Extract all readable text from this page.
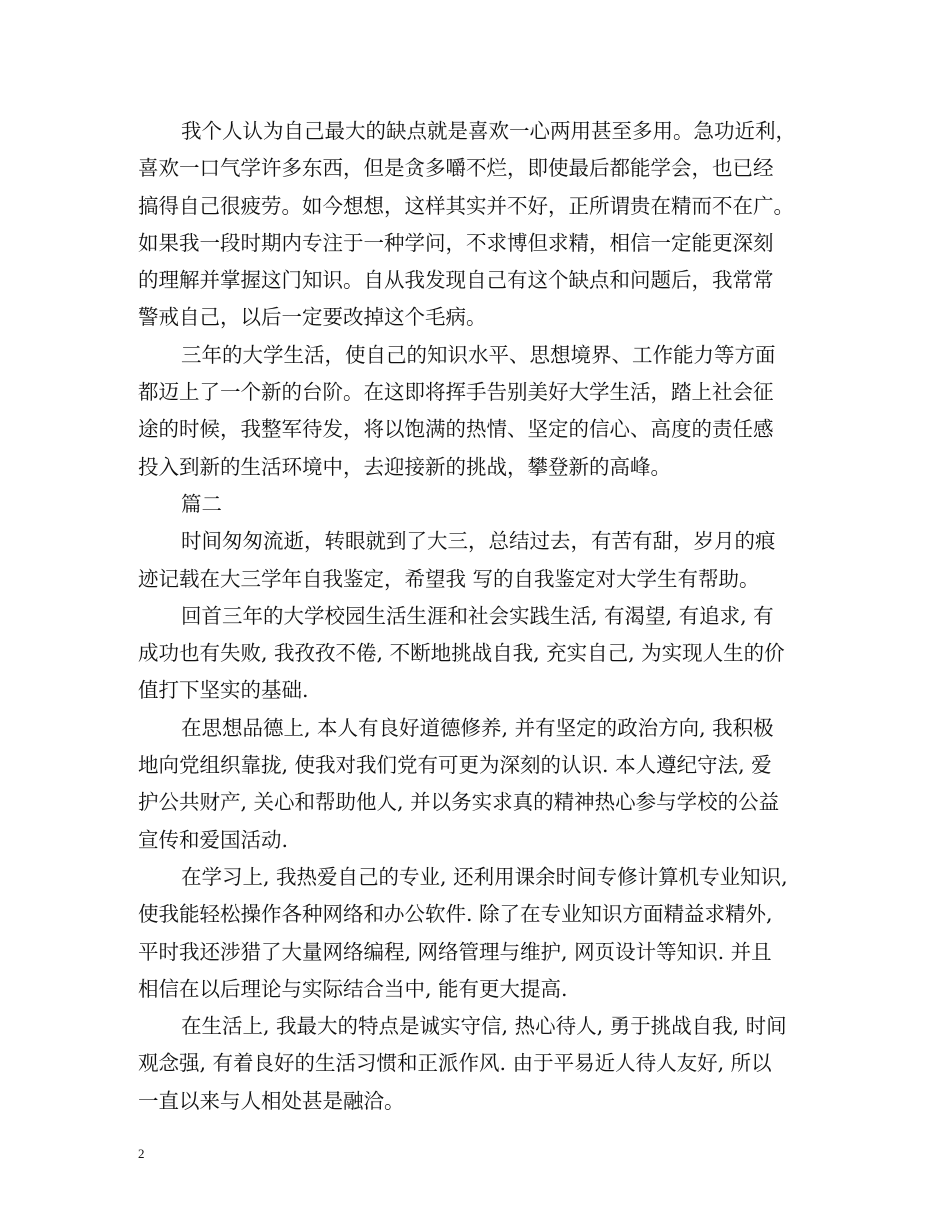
我个人认为自己最大的缺点就是喜欢一心两用甚至多用。急功近利，
喜欢一口气学许多东西，但是贪多嚼不烂，即使最后都能学会，也已经
搞得自己很疲劳。如今想想，这样其实并不好，正所谓贵在精而不在广。
如果我一段时期内专注于一种学问，不求博但求精，相信一定能更深刻
的理解并掌握这门知识。自从我发现自己有这个缺点和问题后，我常常
警戒自己，以后一定要改掉这个毛病。
三年的大学生活，使自己的知识水平、思想境界、工作能力等方面
都迈上了一个新的台阶。在这即将挥手告别美好大学生活，踏上社会征
途的时候，我整军待发，将以饱满的热情、坚定的信心、高度的责任感
投入到新的生活环境中，去迎接新的挑战，攀登新的高峰。
篇二
时间匆匆流逝，转眼就到了大三，总结过去，有苦有甜，岁月的痕
迹记载在大三学年自我鉴定，希望我 写的自我鉴定对大学生有帮助。
回首三年的大学校园生活生涯和社会实践生活, 有渴望, 有追求, 有
成功也有失败, 我孜孜不倦, 不断地挑战自我, 充实自己, 为实现人生的价
值打下坚实的基础.
在思想品德上, 本人有良好道德修养, 并有坚定的政治方向, 我积极
地向党组织靠拢, 使我对我们党有可更为深刻的认识. 本人遵纪守法, 爱
护公共财产, 关心和帮助他人, 并以务实求真的精神热心参与学校的公益
宣传和爱国活动.
在学习上, 我热爱自己的专业, 还利用课余时间专修计算机专业知识,
使我能轻松操作各种网络和办公软件. 除了在专业知识方面精益求精外,
平时我还涉猎了大量网络编程, 网络管理与维护, 网页设计等知识. 并且
相信在以后理论与实际结合当中, 能有更大提高.
在生活上, 我最大的特点是诚实守信, 热心待人, 勇于挑战自我, 时间
观念强, 有着良好的生活习惯和正派作风. 由于平易近人待人友好, 所以
一直以来与人相处甚是融洽。
2
